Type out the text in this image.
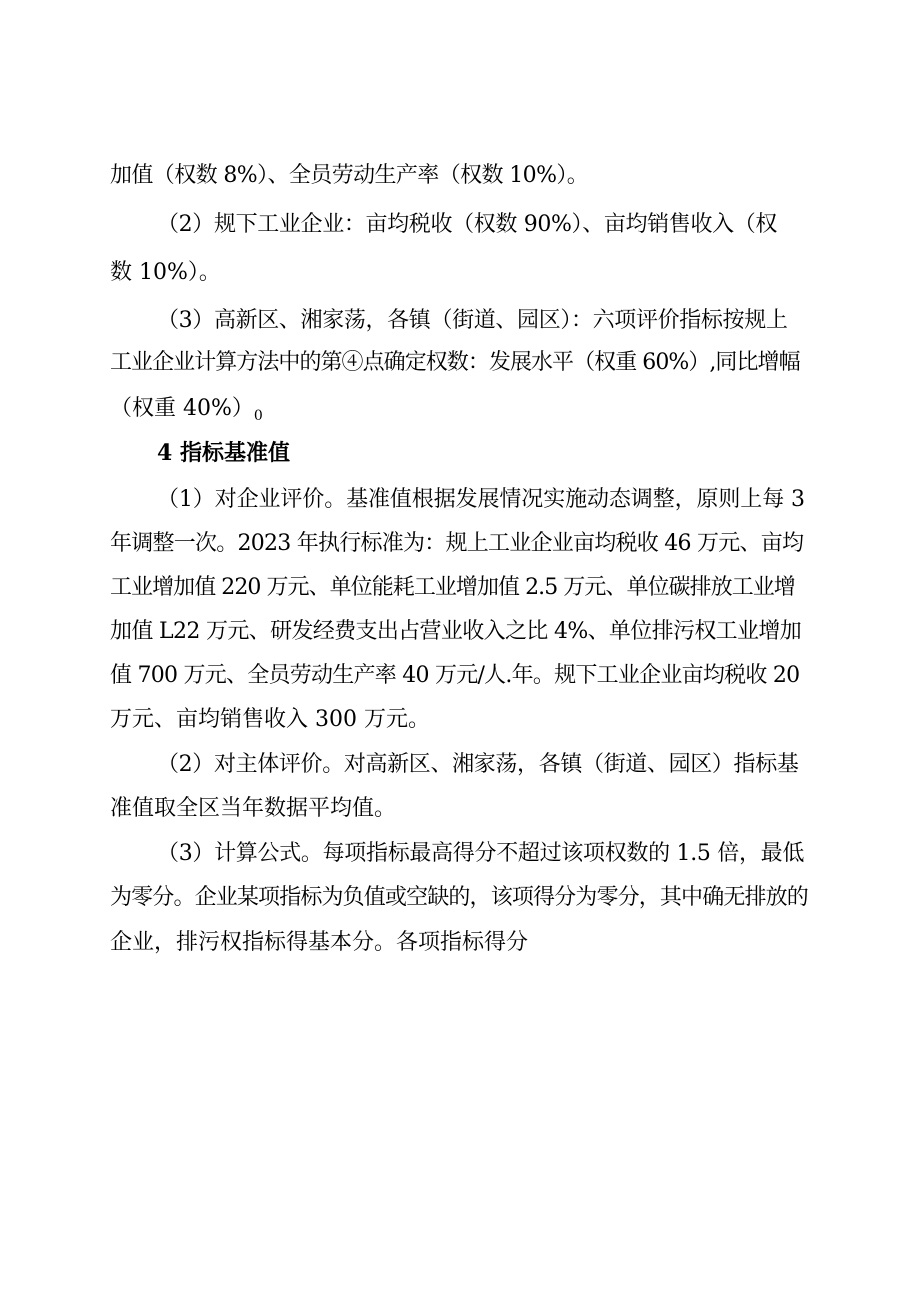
加值（权数 8%）、全员劳动生产率（权数 10%）。
（2）规下工业企业：亩均税收（权数 90%）、亩均销售收入（权
数 10%）。
（3）高新区、湘家荡，各镇（街道、园区）：六项评价指标按规上
工业企业计算方法中的第④点确定权数：发展水平（权重 60%）,同比增幅
（权重 $40\%)_0$
4 指标基准值
（1）对企业评价。基准值根据发展情况实施动态调整，原则上每 3
年调整一次。2023 年执行标准为：规上工业企业亩均税收 46 万元、亩均
工业增加值 220 万元、单位能耗工业增加值 2.5 万元、单位碳排放工业增
加值 L22 万元、研发经费支出占营业收入之比 4%、单位排污权工业增加
值 700 万元、全员劳动生产率 40 万元/人.年。规下工业企业亩均税收 20
万元、亩均销售收入 300 万元。
（2）对主体评价。对高新区、湘家荡，各镇（街道、园区）指标基
准值取全区当年数据平均值。
（3）计算公式。每项指标最高得分不超过该项权数的 1.5 倍，最低
为零分。企业某项指标为负值或空缺的，该项得分为零分，其中确无排放的
企业，排污权指标得基本分。各项指标得分
